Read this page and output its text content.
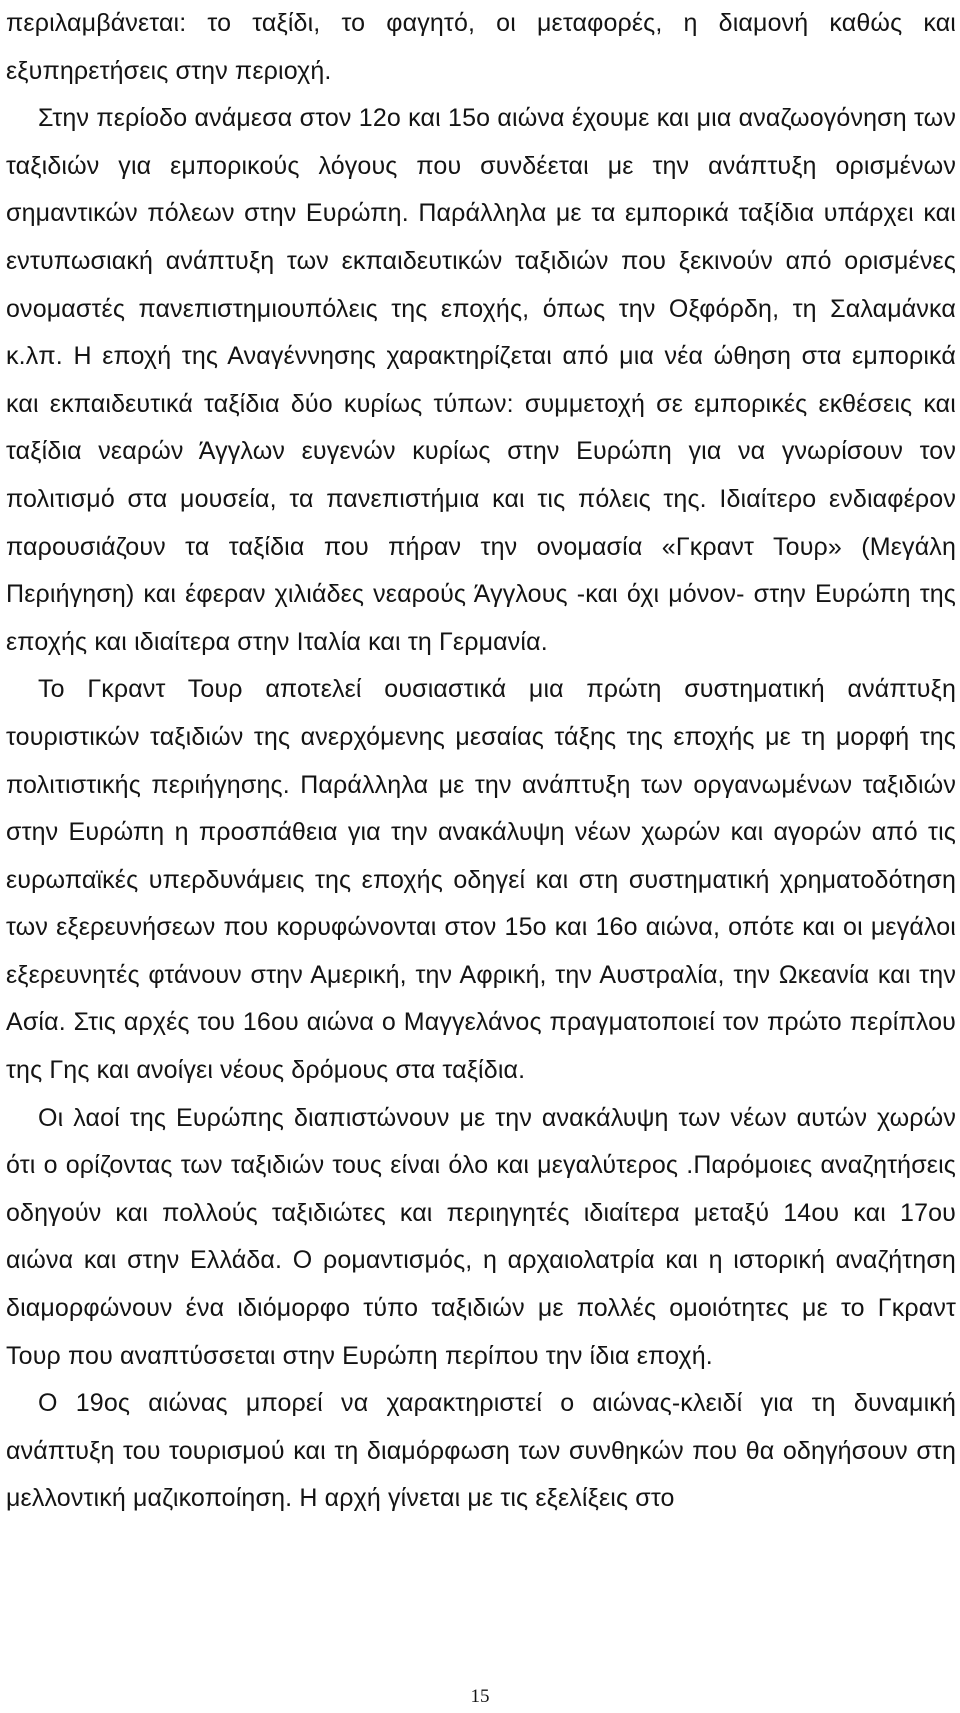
περιλαμβάνεται: το ταξίδι, το φαγητό, οι μεταφορές, η διαμονή καθώς και εξυπηρετήσεις στην περιοχή.

Στην περίοδο ανάμεσα στον 12ο και 15ο αιώνα έχουμε και μια αναζωογόνηση των ταξιδιών για εμπορικούς λόγους που συνδέεται με την ανάπτυξη ορισμένων σημαντικών πόλεων στην Ευρώπη. Παράλληλα με τα εμπορικά ταξίδια υπάρχει και εντυπωσιακή ανάπτυξη των εκπαιδευτικών ταξιδιών που ξεκινούν από ορισμένες ονομαστές πανεπιστημιουπόλεις της εποχής, όπως την Οξφόρδη, τη Σαλαμάνκα κ.λπ. Η εποχή της Αναγέννησης χαρακτηρίζεται από μια νέα ώθηση στα εμπορικά και εκπαιδευτικά ταξίδια δύο κυρίως τύπων: συμμετοχή σε εμπορικές εκθέσεις και ταξίδια νεαρών Άγγλων ευγενών κυρίως στην Ευρώπη για να γνωρίσουν τον πολιτισμό στα μουσεία, τα πανεπιστήμια και τις πόλεις της. Ιδιαίτερο ενδιαφέρον παρουσιάζουν τα ταξίδια που πήραν την ονομασία «Γκραντ Τουρ» (Μεγάλη Περιήγηση) και έφεραν χιλιάδες νεαρούς Άγγλους -και όχι μόνον- στην Ευρώπη της εποχής και ιδιαίτερα στην Ιταλία και τη Γερμανία.

Το Γκραντ Τουρ αποτελεί ουσιαστικά μια πρώτη συστηματική ανάπτυξη τουριστικών ταξιδιών της ανερχόμενης μεσαίας τάξης της εποχής με τη μορφή της πολιτιστικής περιήγησης. Παράλληλα με την ανάπτυξη των οργανωμένων ταξιδιών στην Ευρώπη η προσπάθεια για την ανακάλυψη νέων χωρών και αγορών από τις ευρωπαϊκές υπερδυνάμεις της εποχής οδηγεί και στη συστηματική χρηματοδότηση των εξερευνήσεων που κορυφώνονται στον 15ο και 16ο αιώνα, οπότε και οι μεγάλοι εξερευνητές φτάνουν στην Αμερική, την Αφρική, την Αυστραλία, την Ωκεανία και την Ασία. Στις αρχές του 16ου αιώνα ο Μαγγελάνος πραγματοποιεί τον πρώτο περίπλου της Γης και ανοίγει νέους δρόμους στα ταξίδια.

Οι λαοί της Ευρώπης διαπιστώνουν με την ανακάλυψη των νέων αυτών χωρών ότι ο ορίζοντας των ταξιδιών τους είναι όλο και μεγαλύτερος .Παρόμοιες αναζητήσεις οδηγούν και πολλούς ταξιδιώτες και περιηγητές ιδιαίτερα μεταξύ 14ου και 17ου αιώνα και στην Ελλάδα. Ο ρομαντισμός, η αρχαιολατρία και η ιστορική αναζήτηση διαμορφώνουν ένα ιδιόμορφο τύπο ταξιδιών με πολλές ομοιότητες με το Γκραντ Τουρ που αναπτύσσεται στην Ευρώπη περίπου την ίδια εποχή.

Ο 19ος αιώνας μπορεί να χαρακτηριστεί ο αιώνας-κλειδί για τη δυναμική ανάπτυξη του τουρισμού και τη διαμόρφωση των συνθηκών που θα οδηγήσουν στη μελλοντική μαζικοποίηση. Η αρχή γίνεται με τις εξελίξεις στο

15
